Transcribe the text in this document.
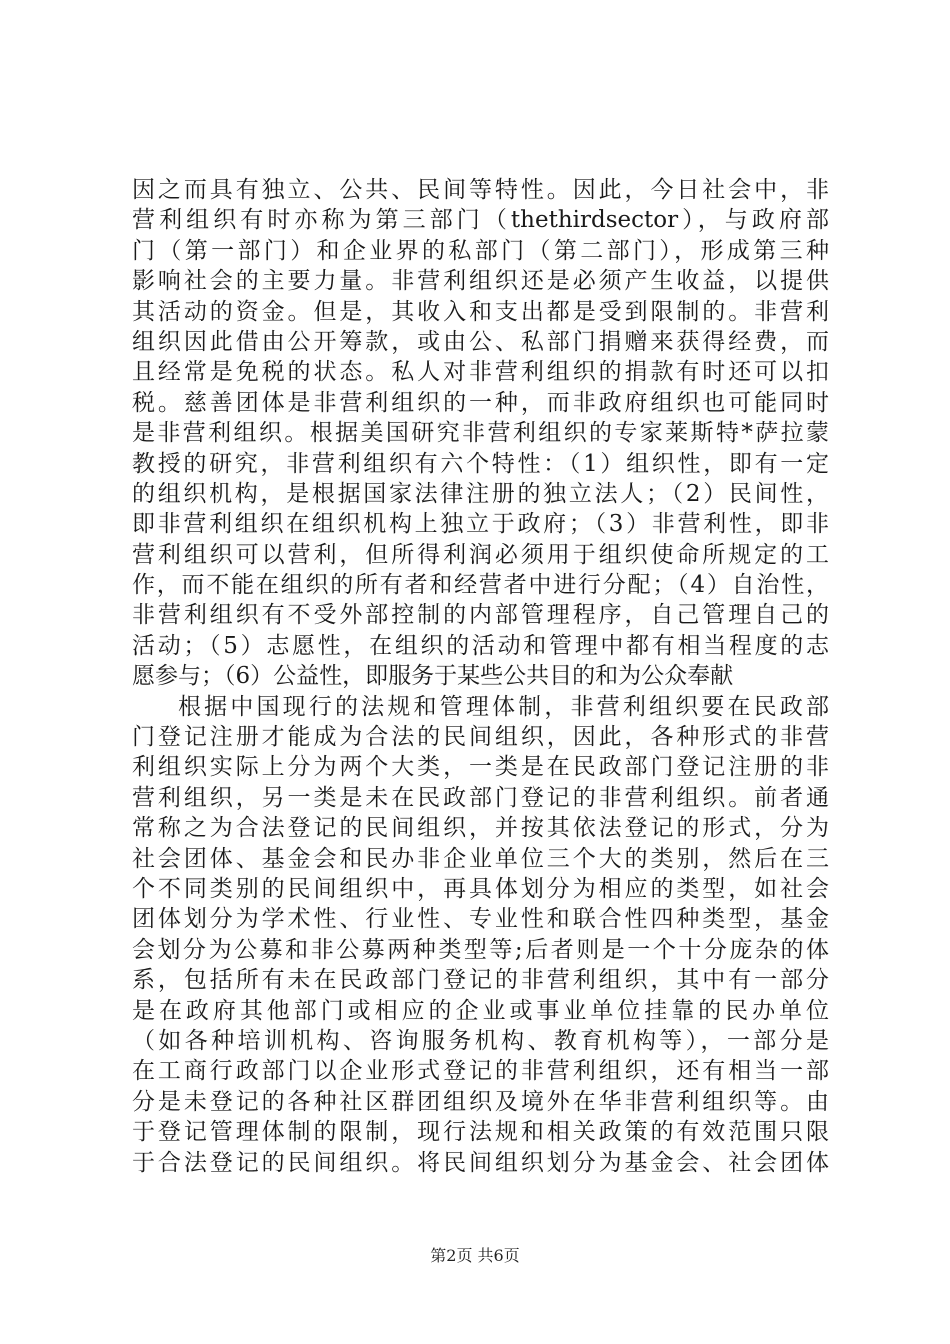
因之而具有独立、公共、民间等特性。因此，今日社会中，非
营利组织有时亦称为第三部门（thethirdsector），与政府部
门（第一部门）和企业界的私部门（第二部门），形成第三种
影响社会的主要力量。非营利组织还是必须产生收益，以提供
其活动的资金。但是，其收入和支出都是受到限制的。非营利
组织因此借由公开筹款，或由公、私部门捐赠来获得经费，而
且经常是免税的状态。私人对非营利组织的捐款有时还可以扣
税。慈善团体是非营利组织的一种，而非政府组织也可能同时
是非营利组织。根据美国研究非营利组织的专家莱斯特*萨拉蒙
教授的研究，非营利组织有六个特性：（1）组织性，即有一定
的组织机构，是根据国家法律注册的独立法人；（2）民间性，
即非营利组织在组织机构上独立于政府；（3）非营利性，即非
营利组织可以营利，但所得利润必须用于组织使命所规定的工
作，而不能在组织的所有者和经营者中进行分配；（4）自治性，
非营利组织有不受外部控制的内部管理程序，自己管理自己的
活动；（5）志愿性，在组织的活动和管理中都有相当程度的志
愿参与；（6）公益性，即服务于某些公共目的和为公众奉献
根据中国现行的法规和管理体制，非营利组织要在民政部
门登记注册才能成为合法的民间组织，因此，各种形式的非营
利组织实际上分为两个大类，一类是在民政部门登记注册的非
营利组织，另一类是未在民政部门登记的非营利组织。前者通
常称之为合法登记的民间组织，并按其依法登记的形式，分为
社会团体、基金会和民办非企业单位三个大的类别，然后在三
个不同类别的民间组织中，再具体划分为相应的类型，如社会
团体划分为学术性、行业性、专业性和联合性四种类型，基金
会划分为公募和非公募两种类型等;后者则是一个十分庞杂的体
系，包括所有未在民政部门登记的非营利组织，其中有一部分
是在政府其他部门或相应的企业或事业单位挂靠的民办单位
（如各种培训机构、咨询服务机构、教育机构等），一部分是
在工商行政部门以企业形式登记的非营利组织，还有相当一部
分是未登记的各种社区群团组织及境外在华非营利组织等。由
于登记管理体制的限制，现行法规和相关政策的有效范围只限
于合法登记的民间组织。将民间组织划分为基金会、社会团体
第2页 共6页
